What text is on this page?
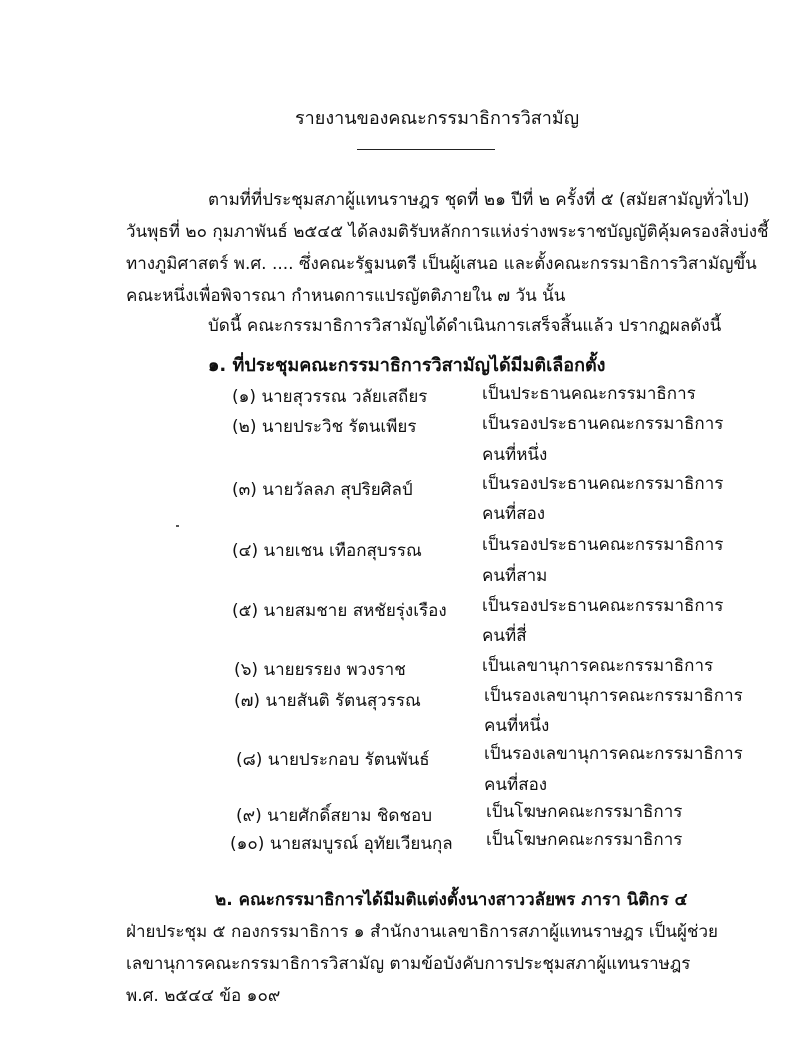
รายงานของคณะกรรมาธิการวิสามัญ
ตามที่ที่ประชุมสภาผู้แทนราษฎร ชุดที่ ๒๑ ปีที่ ๒ ครั้งที่ ๕ (สมัยสามัญทั่วไป)
วันพุธที่ ๒๐ กุมภาพันธ์ ๒๕๔๕ ได้ลงมติรับหลักการแห่งร่างพระราชบัญญัติคุ้มครองสิ่งบ่งชี้
ทางภูมิศาสตร์ พ.ศ. .... ซึ่งคณะรัฐมนตรี เป็นผู้เสนอ และตั้งคณะกรรมาธิการวิสามัญขึ้น
คณะหนึ่งเพื่อพิจารณา กำหนดการแปรญัตติภายใน ๗ วัน นั้น
บัดนี้ คณะกรรมาธิการวิสามัญได้ดำเนินการเสร็จสิ้นแล้ว ปรากฏผลดังนี้
๑. ที่ประชุมคณะกรรมาธิการวิสามัญได้มีมติเลือกตั้ง
(๑) นายสุวรรณ วลัยเสถียร	เป็นประธานคณะกรรมาธิการ
(๒) นายประวิช รัตนเพียร	เป็นรองประธานคณะกรรมาธิการ
คนที่หนึ่ง
(๓) นายวัลลภ สุปริยศิลป์	เป็นรองประธานคณะกรรมาธิการ
คนที่สอง
(๔) นายเชน เทือกสุบรรณ	เป็นรองประธานคณะกรรมาธิการ
คนที่สาม
(๕) นายสมชาย สหชัยรุ่งเรือง เป็นรองประธานคณะกรรมาธิการ
คนที่สี่
(๖) นายยรรยง พวงราช	เป็นเลขานุการคณะกรรมาธิการ
(๗) นายสันติ รัตนสุวรรณ	เป็นรองเลขานุการคณะกรรมาธิการ
คนที่หนึ่ง
(๘) นายประกอบ รัตนพันธ์	เป็นรองเลขานุการคณะกรรมาธิการ
คนที่สอง
(๙) นายศักดิ์สยาม ชิดชอบ	เป็นโฆษกคณะกรรมาธิการ
(๑๐) นายสมบูรณ์ อุทัยเวียนกุล เป็นโฆษกคณะกรรมาธิการ
๒. คณะกรรมาธิการได้มีมติแต่งตั้งนางสาววลัยพร ภารา นิติกร ๔
ฝ่ายประชุม ๕ กองกรรมาธิการ ๑ สำนักงานเลขาธิการสภาผู้แทนราษฎร เป็นผู้ช่วย
เลขานุการคณะกรรมาธิการวิสามัญ ตามข้อบังคับการประชุมสภาผู้แทนราษฎร
พ.ศ. ๒๕๔๔ ข้อ ๑๐๙
